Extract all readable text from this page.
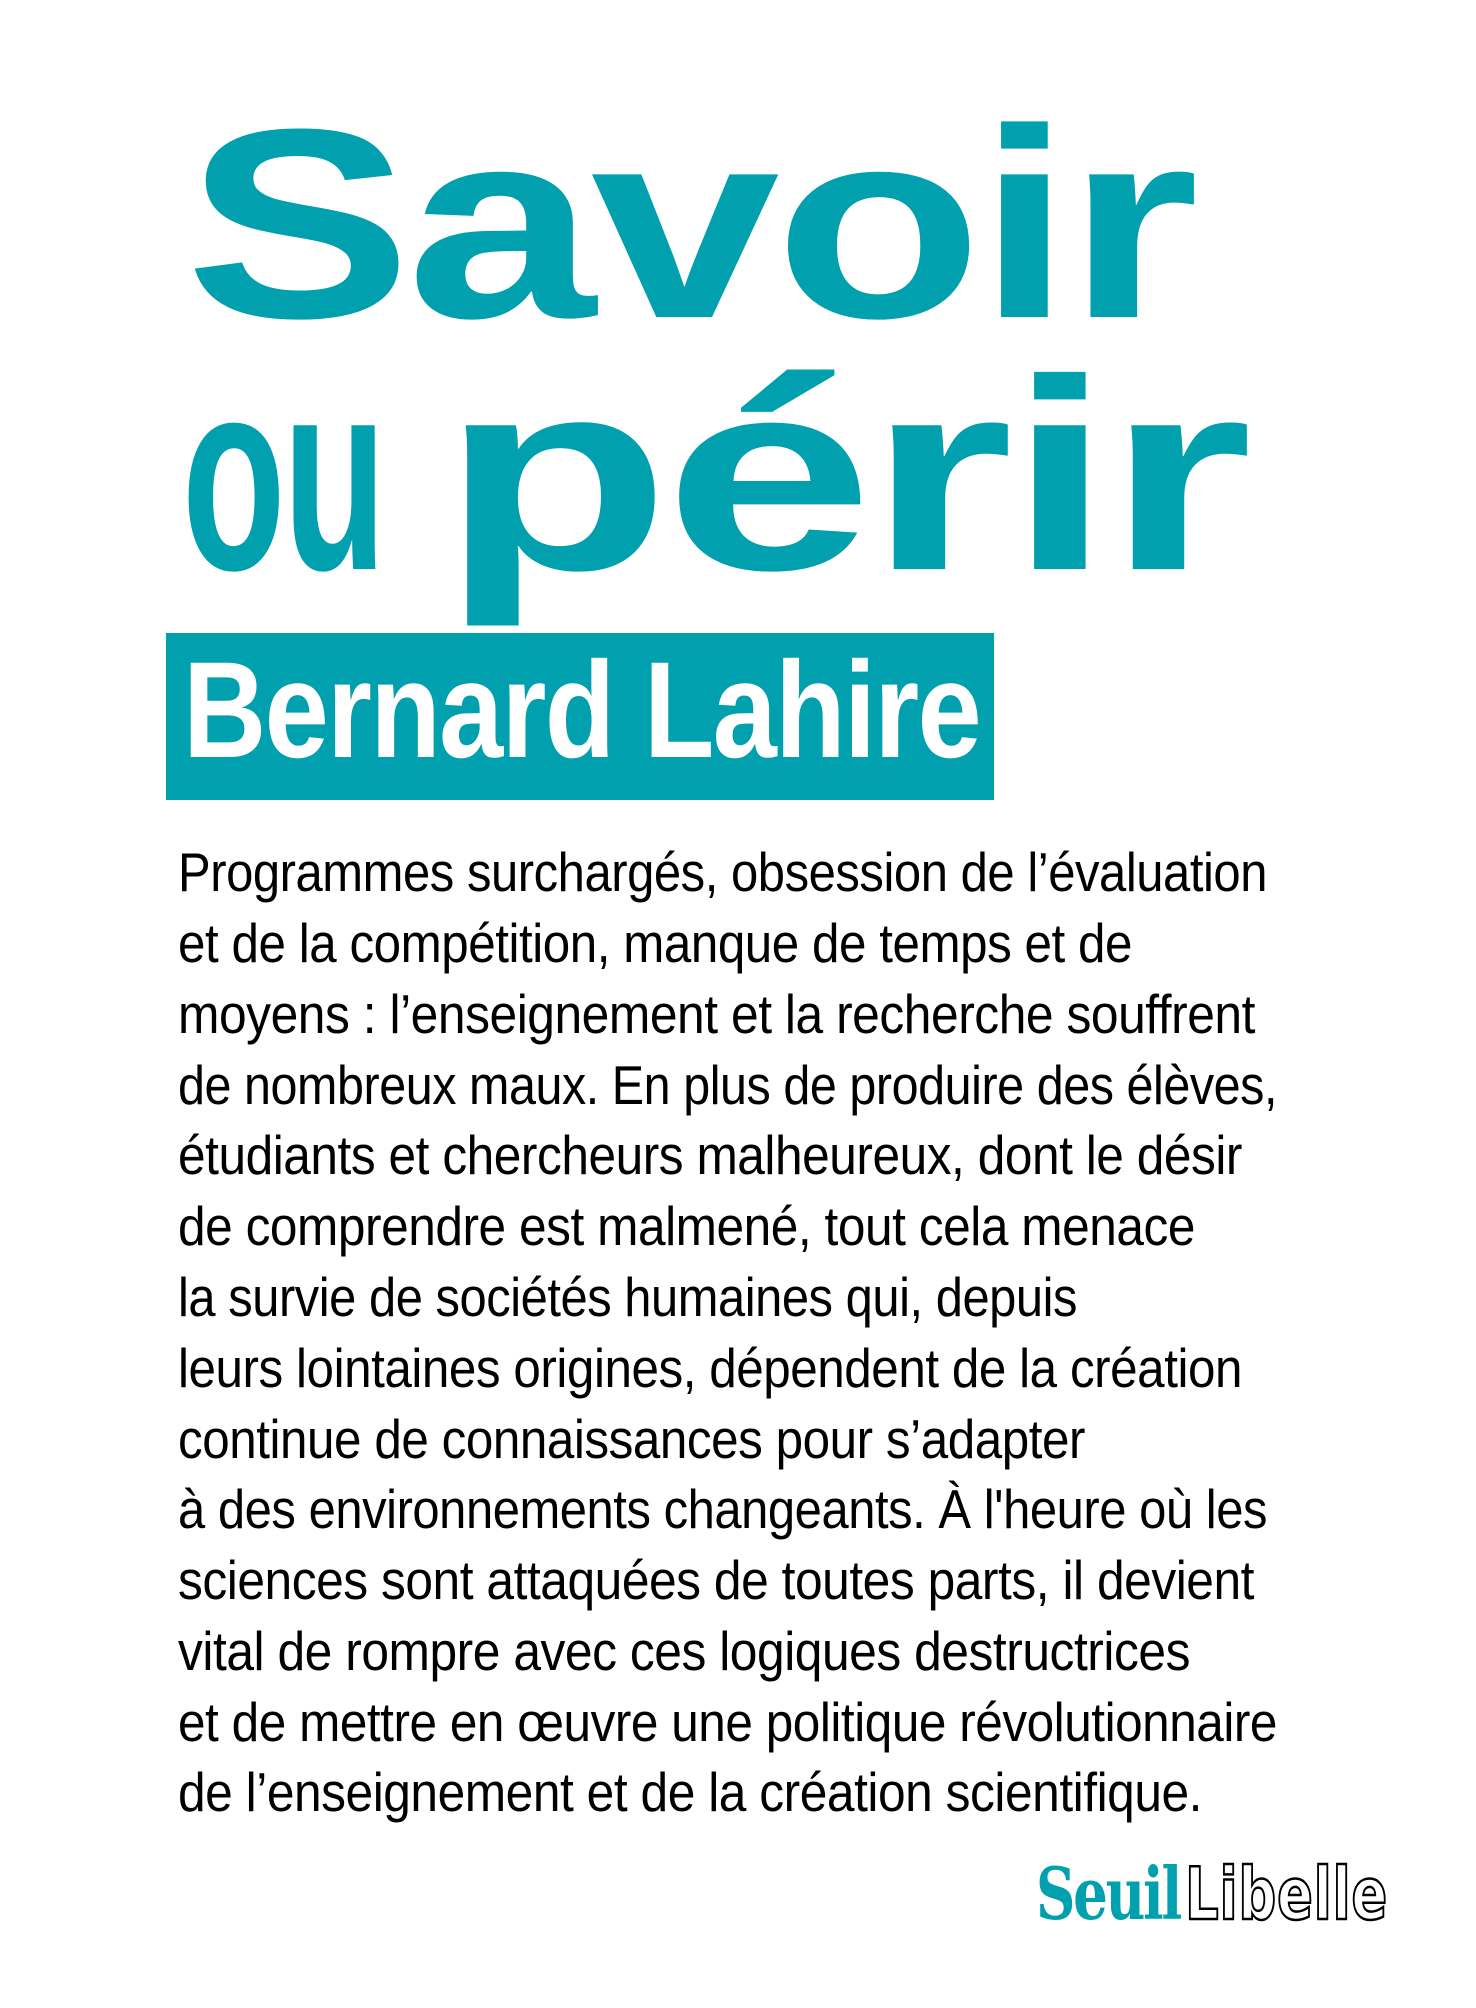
Savoir
ou périr
Bernard Lahire
Programmes surchargés, obsession de l’évaluation
et de la compétition, manque de temps et de
moyens : l’enseignement et la recherche souffrent
de nombreux maux. En plus de produire des élèves,
étudiants et chercheurs malheureux, dont le désir
de comprendre est malmené, tout cela menace
la survie de sociétés humaines qui, depuis
leurs lointaines origines, dépendent de la création
continue de connaissances pour s’adapter
à des environnements changeants. À l'heure où les
sciences sont attaquées de toutes parts, il devient
vital de rompre avec ces logiques destructrices
et de mettre en œuvre une politique révolutionnaire
de l’enseignement et de la création scientifique.
Seuil Libelle
